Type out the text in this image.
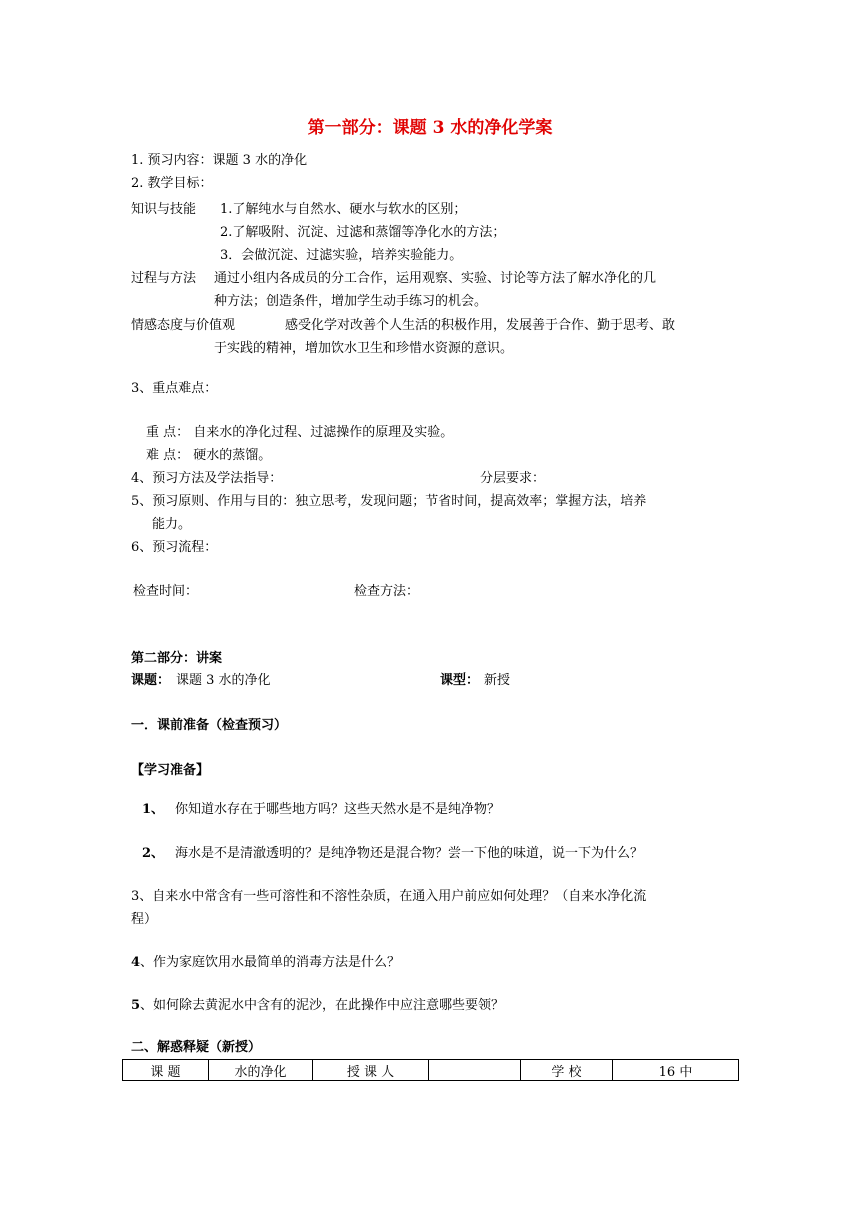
第一部分：课题 3 水的净化学案
1. 预习内容：课题 3 水的净化
2. 教学目标：
知识与技能 1.了解纯水与自然水、硬水与软水的区别；
2.了解吸附、沉淀、过滤和蒸馏等净化水的方法；
3．会做沉淀、过滤实验，培养实验能力。
过程与方法 通过小组内各成员的分工合作，运用观察、实验、讨论等方法了解水净化的几
种方法；创造条件，增加学生动手练习的机会。
情感态度与价值观	感受化学对改善个人生活的积极作用，发展善于合作、勤于思考、敢
于实践的精神，增加饮水卫生和珍惜水资源的意识。
3、重点难点：
重 点： 自来水的净化过程、过滤操作的原理及实验。
难 点： 硬水的蒸馏。
4、预习方法及学法指导：	分层要求：
5、预习原则、作用与目的：独立思考，发现问题；节省时间，提高效率；掌握方法，培养
能力。
6、预习流程：
检查时间：	检查方法：
第二部分：讲案
课题： 课题 3 水的净化	课型： 新授
一．课前准备（检查预习）
【学习准备】
1、 你知道水存在于哪些地方吗？这些天然水是不是纯净物？
2、 海水是不是清澈透明的？是纯净物还是混合物？尝一下他的味道，说一下为什么？
3、自来水中常含有一些可溶性和不溶性杂质，在通入用户前应如何处理？（自来水净化流
程）
4、作为家庭饮用水最简单的消毒方法是什么？
5、如何除去黄泥水中含有的泥沙，在此操作中应注意哪些要领？
二、解惑释疑（新授）
课 题	水的净化	授 课 人		学 校	16 中
